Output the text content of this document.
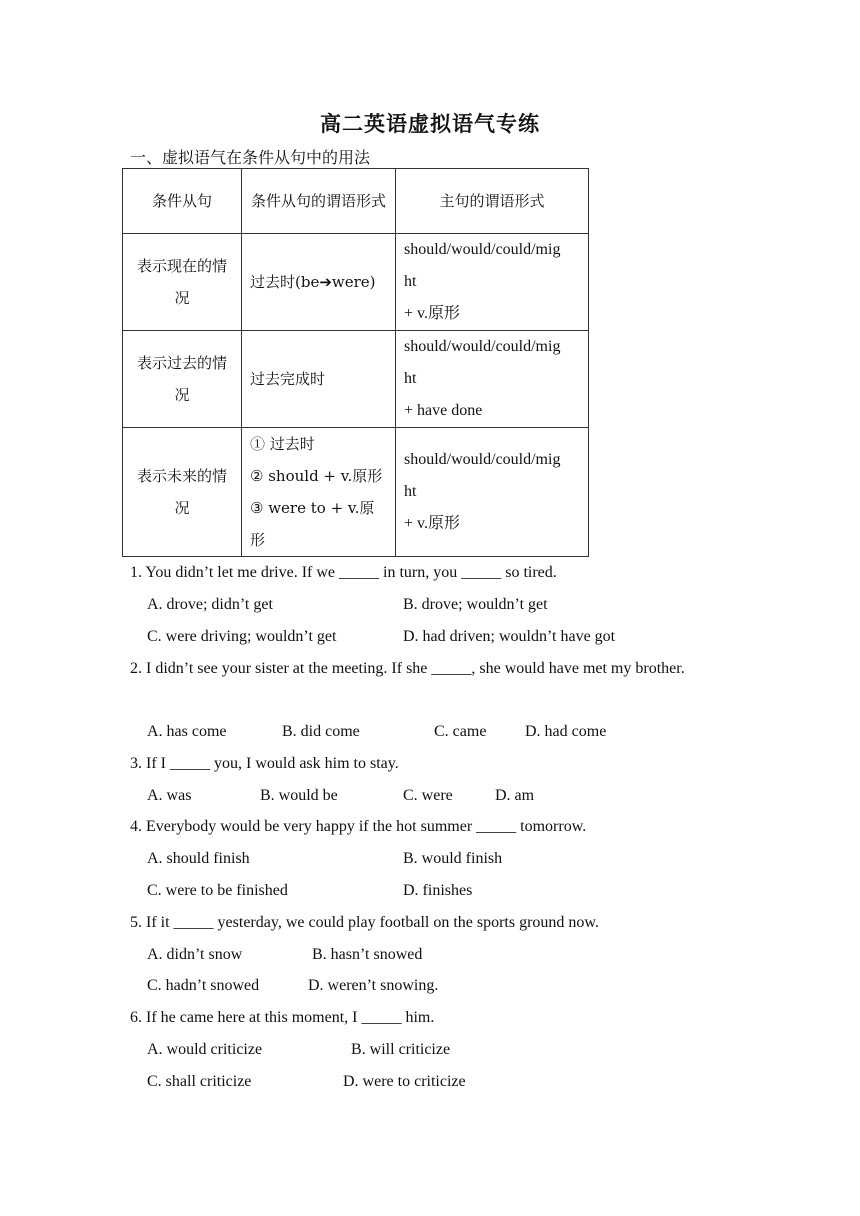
高二英语虚拟语气专练
一、虚拟语气在条件从句中的用法
条件从句	条件从句的谓语形式	主句的谓语形式
表示现在的情况	过去时(be➔were)	should/would/could/mig
ht
+ v.原形

表示过去的情况	过去完成时	should/would/could/mig
ht
+ have done

表示未来的情况	① 过去时
② should + v.原形
③ were to + v.原形	should/would/could/mig
ht
+ v.原形
1. You didn’t let me drive. If we _____ in turn, you _____ so tired.
A. drove; didn’t get	B. drove; wouldn’t get
C. were driving; wouldn’t get	D. had driven; wouldn’t have got
2. I didn’t see your sister at the meeting. If she _____, she would have met my brother.
A. has come	B. did come	C. came D. had come
3. If I _____ you, I would ask him to stay.
A. was	B. would be	C. were	D. am
4. Everybody would be very happy if the hot summer _____ tomorrow.
A. should finish	B. would finish
C. were to be finished	D. finishes
5. If it _____ yesterday, we could play football on the sports ground now.
A. didn’t snow	B. hasn’t snowed
C. hadn’t snowed	D. weren’t snowing.
6. If he came here at this moment, I _____ him.
A. would criticize	B. will criticize
C. shall criticize	D. were to criticize
